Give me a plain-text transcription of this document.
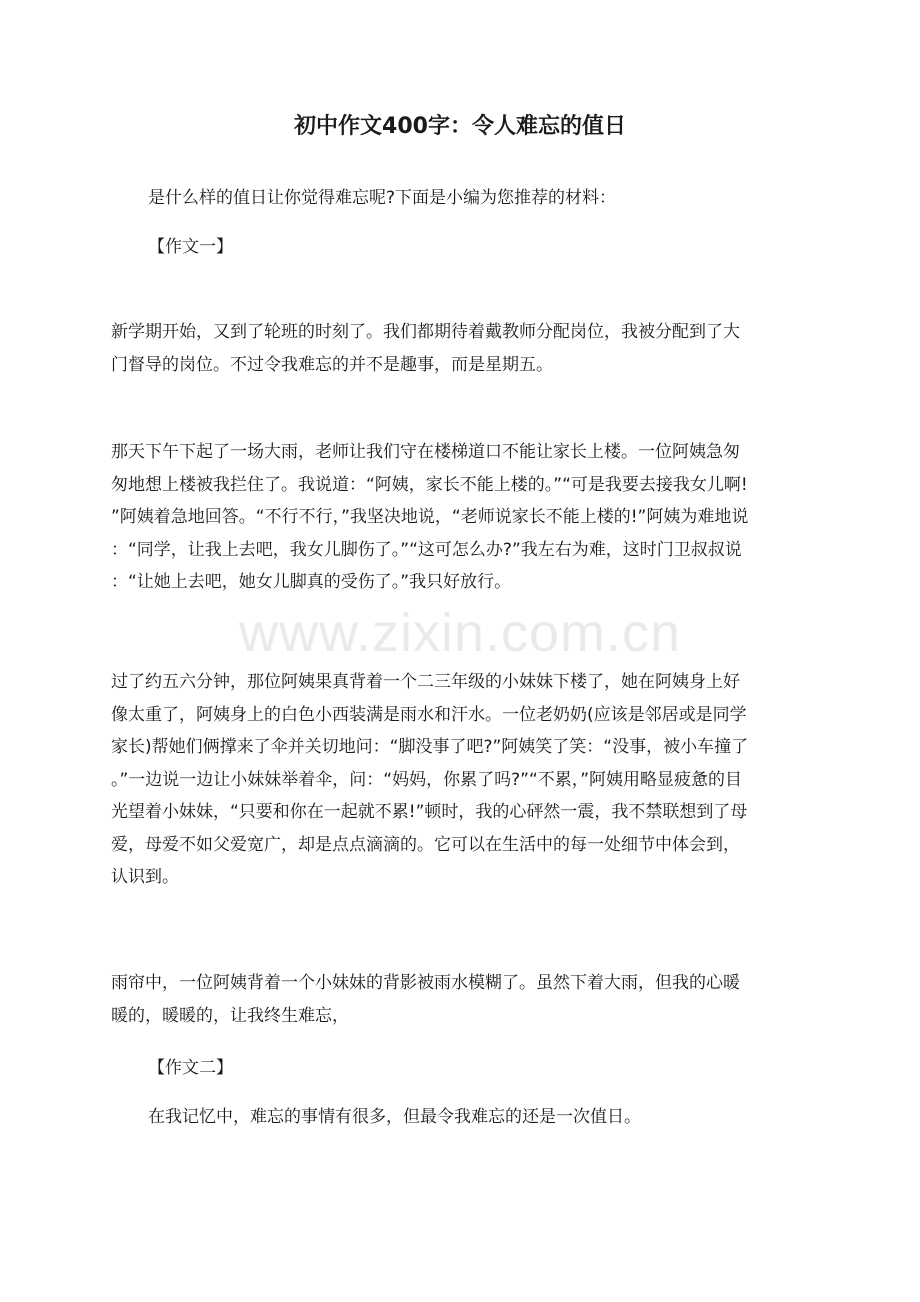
初中作文400字：令人难忘的值日

是什么样的值日让你觉得难忘呢?下面是小编为您推荐的材料：

【作文一】

新学期开始，又到了轮班的时刻了。我们都期待着戴教师分配岗位，我被分配到了大
门督导的岗位。不过令我难忘的并不是趣事，而是星期五。

那天下午下起了一场大雨，老师让我们守在楼梯道口不能让家长上楼。一位阿姨急匆
匆地想上楼被我拦住了。我说道：“阿姨，家长不能上楼的。”“可是我要去接我女儿啊!
”阿姨着急地回答。“不行不行，”我坚决地说，“老师说家长不能上楼的!”阿姨为难地说
：“同学，让我上去吧，我女儿脚伤了。”“这可怎么办?”我左右为难，这时门卫叔叔说
：“让她上去吧，她女儿脚真的受伤了。”我只好放行。

www.zixin.com.cn

过了约五六分钟，那位阿姨果真背着一个二三年级的小妹妹下楼了，她在阿姨身上好
像太重了，阿姨身上的白色小西装满是雨水和汗水。一位老奶奶(应该是邻居或是同学
家长)帮她们俩撑来了伞并关切地问：“脚没事了吧?”阿姨笑了笑：“没事，被小车撞了
。”一边说一边让小妹妹举着伞，问：“妈妈，你累了吗?”“不累，”阿姨用略显疲惫的目
光望着小妹妹，“只要和你在一起就不累!”顿时，我的心砰然一震，我不禁联想到了母
爱，母爱不如父爱宽广，却是点点滴滴的。它可以在生活中的每一处细节中体会到，
认识到。

雨帘中，一位阿姨背着一个小妹妹的背影被雨水模糊了。虽然下着大雨，但我的心暖
暖的，暖暖的，让我终生难忘，

【作文二】

在我记忆中，难忘的事情有很多，但最令我难忘的还是一次值日。
